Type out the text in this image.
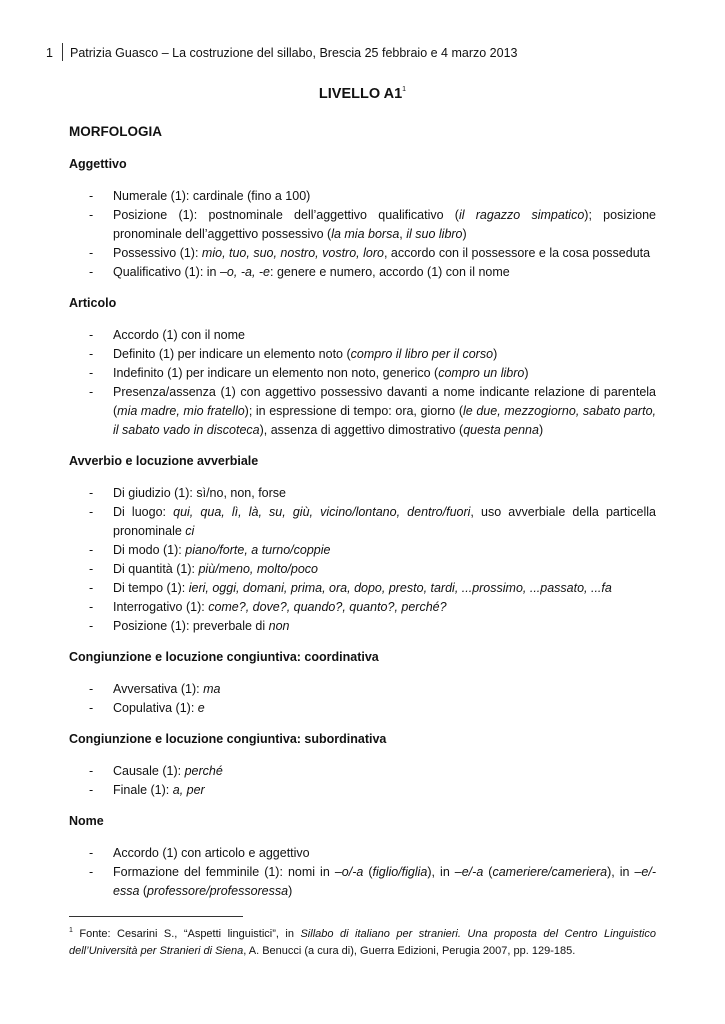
1 Patrizia Guasco – La costruzione del sillabo, Brescia 25 febbraio e 4 marzo 2013
LIVELLO $A1^1$
MORFOLOGIA
Aggettivo
- Numerale (1): cardinale (fino a 100)
- Posizione (1): postnominale dell’aggettivo qualificativo (il ragazzo simpatico); posizione pronominale dell’aggettivo possessivo (la mia borsa, il suo libro)
- Possessivo (1): mio, tuo, suo, nostro, vostro, loro, accordo con il possessore e la cosa posseduta
- Qualificativo (1): in –o, -a, -e: genere e numero, accordo (1) con il nome
Articolo
- Accordo (1) con il nome
- Definito (1) per indicare un elemento noto (compro il libro per il corso)
- Indefinito (1) per indicare un elemento non noto, generico (compro un libro)
- Presenza/assenza (1) con aggettivo possessivo davanti a nome indicante relazione di parentela (mia madre, mio fratello); in espressione di tempo: ora, giorno (le due, mezzogiorno, sabato parto, il sabato vado in discoteca), assenza di aggettivo dimostrativo (questa penna)
Avverbio e locuzione avverbiale
- Di giudizio (1): sì/no, non, forse
- Di luogo: qui, qua, lì, là, su, giù, vicino/lontano, dentro/fuori, uso avverbiale della particella pronominale ci
- Di modo (1): piano/forte, a turno/coppie
- Di quantità (1): più/meno, molto/poco
- Di tempo (1): ieri, oggi, domani, prima, ora, dopo, presto, tardi, ...prossimo, ...passato, ...fa
- Interrogativo (1): come?, dove?, quando?, quanto?, perché?
- Posizione (1): preverbale di non
Congiunzione e locuzione congiuntiva: coordinativa
- Avversativa (1): ma
- Copulativa (1): e
Congiunzione e locuzione congiuntiva: subordinativa
- Causale (1): perché
- Finale (1): a, per
Nome
- Accordo (1) con articolo e aggettivo
- Formazione del femminile (1): nomi in –o/-a (figlio/figlia), in –e/-a (cameriere/cameriera), in –e/-essa (professore/professoressa)
$^1$ Fonte: Cesarini S., “Aspetti linguistici”, in Sillabo di italiano per stranieri. Una proposta del Centro Linguistico dell’Università per Stranieri di Siena, A. Benucci (a cura di), Guerra Edizioni, Perugia 2007, pp. 129-185.
